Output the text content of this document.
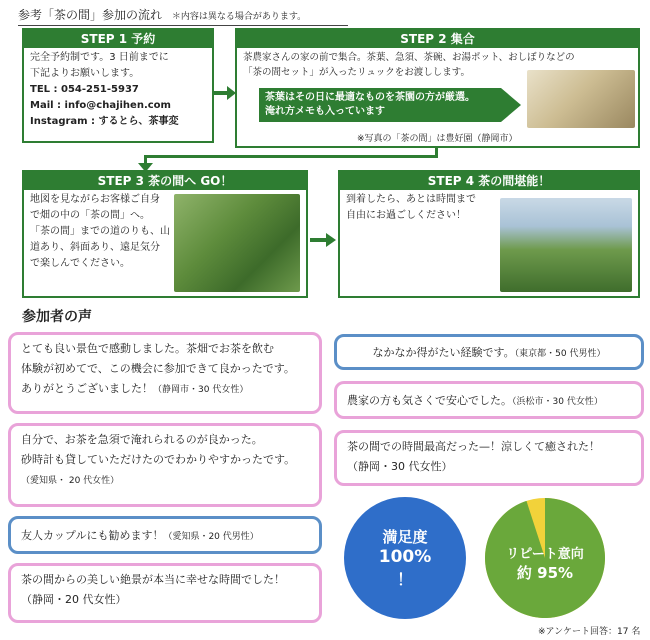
参考「茶の間」参加の流れ ＊内容は異なる場合があります。
STEP 1 予約
完全予約制です。3 日前までに
下記よりお願いします。
TEL : 054-251-5937
Mail : info@chajihen.com
Instagram : するとら、茶事変
STEP 2 集合
茶農家さんの家の前で集合。茶葉、急須、茶碗、お湯ポット、おしぼりなどの
「茶の間セット」が入ったリュックをお渡しします。
茶葉はその日に最適なものを茶園の方が厳選。
淹れ方メモも入っています
※写真の「茶の間」は豊好園（静岡市）
STEP 3 茶の間へ GO！
地図を見ながらお客様ご自身
で畑の中の「茶の間」へ。
「茶の間」までの道のりも、山
道あり、斜面あり、遠足気分
で楽しんでください。
STEP 4 茶の間堪能！
到着したら、あとは時間まで
自由にお過ごしください！
参加者の声
とても良い景色で感動しました。茶畑でお茶を飲む
体験が初めてで、この機会に参加できて良かったです。
ありがとうございました！（静岡市・30 代女性）
自分で、お茶を急須で淹れられるのが良かった。
砂時計も貸していただけたのでわかりやすかったです。
（愛知県・ 20 代女性）
友人カップルにも勧めます！（愛知県・20 代男性）
茶の間からの美しい絶景が本当に幸せな時間でした！
（静岡・20 代女性）
なかなか得がたい経験です。（東京都・50 代男性）
農家の方も気さくで安心でした。（浜松市・30 代女性）
茶の間での時間最高だった—！涼しくて癒された！
（静岡・30 代女性）
満足度
100%
！
リピート意向
約 95%
※アンケート回答：17 名
